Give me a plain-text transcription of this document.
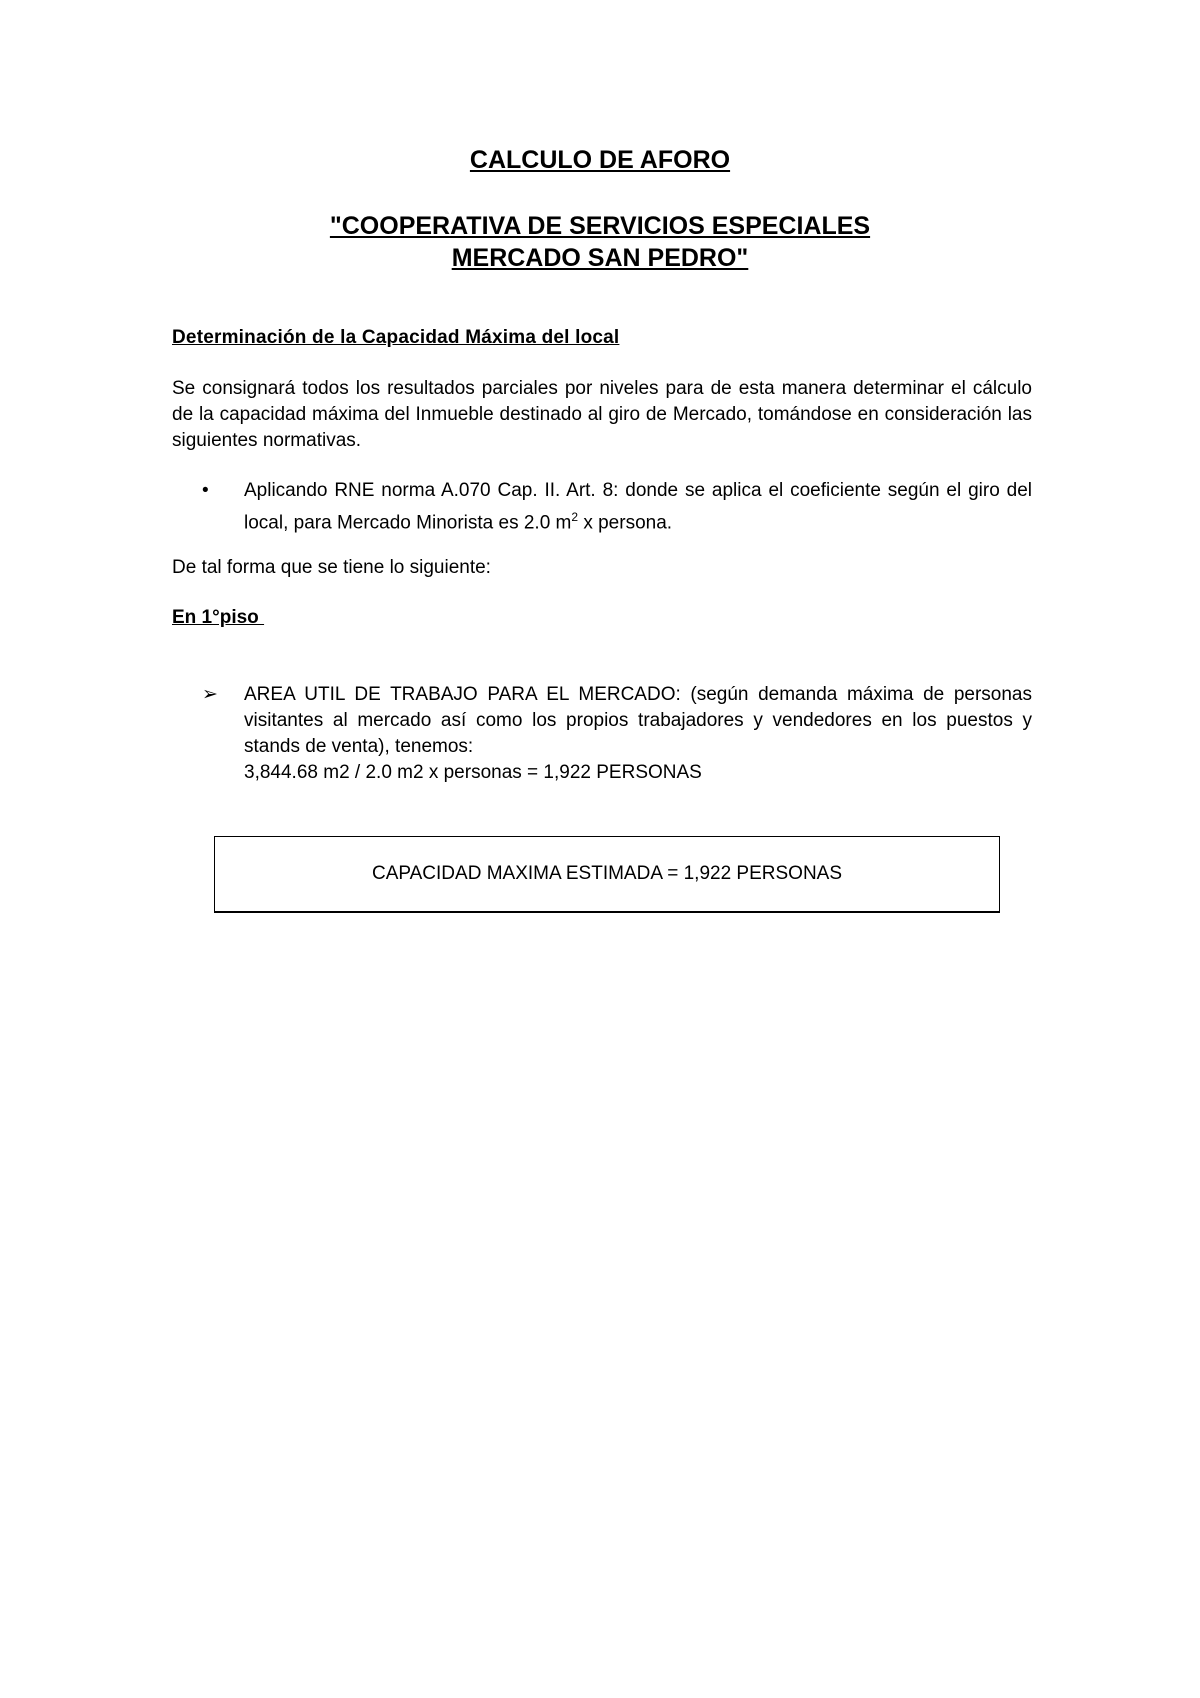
CALCULO DE AFORO
"COOPERATIVA DE SERVICIOS ESPECIALES
MERCADO SAN PEDRO"
Determinación de la Capacidad Máxima del local

Se consignará todos los resultados parciales por niveles para de esta manera determinar el cálculo de la capacidad máxima del Inmueble destinado al giro de Mercado, tomándose en consideración las siguientes normativas.

•	Aplicando RNE norma A.070 Cap. II. Art. 8: donde se aplica el coeficiente según el giro del local, para Mercado Minorista es 2.0 $m^2$ x persona.

De tal forma que se tiene lo siguiente:

En 1°piso
➢ AREA UTIL DE TRABAJO PARA EL MERCADO: (según demanda máxima de personas visitantes al mercado así como los propios trabajadores y vendedores en los puestos y stands de venta), tenemos:
3,844.68 m2 / 2.0 m2 x personas = 1,922 PERSONAS
CAPACIDAD MAXIMA ESTIMADA = 1,922 PERSONAS
